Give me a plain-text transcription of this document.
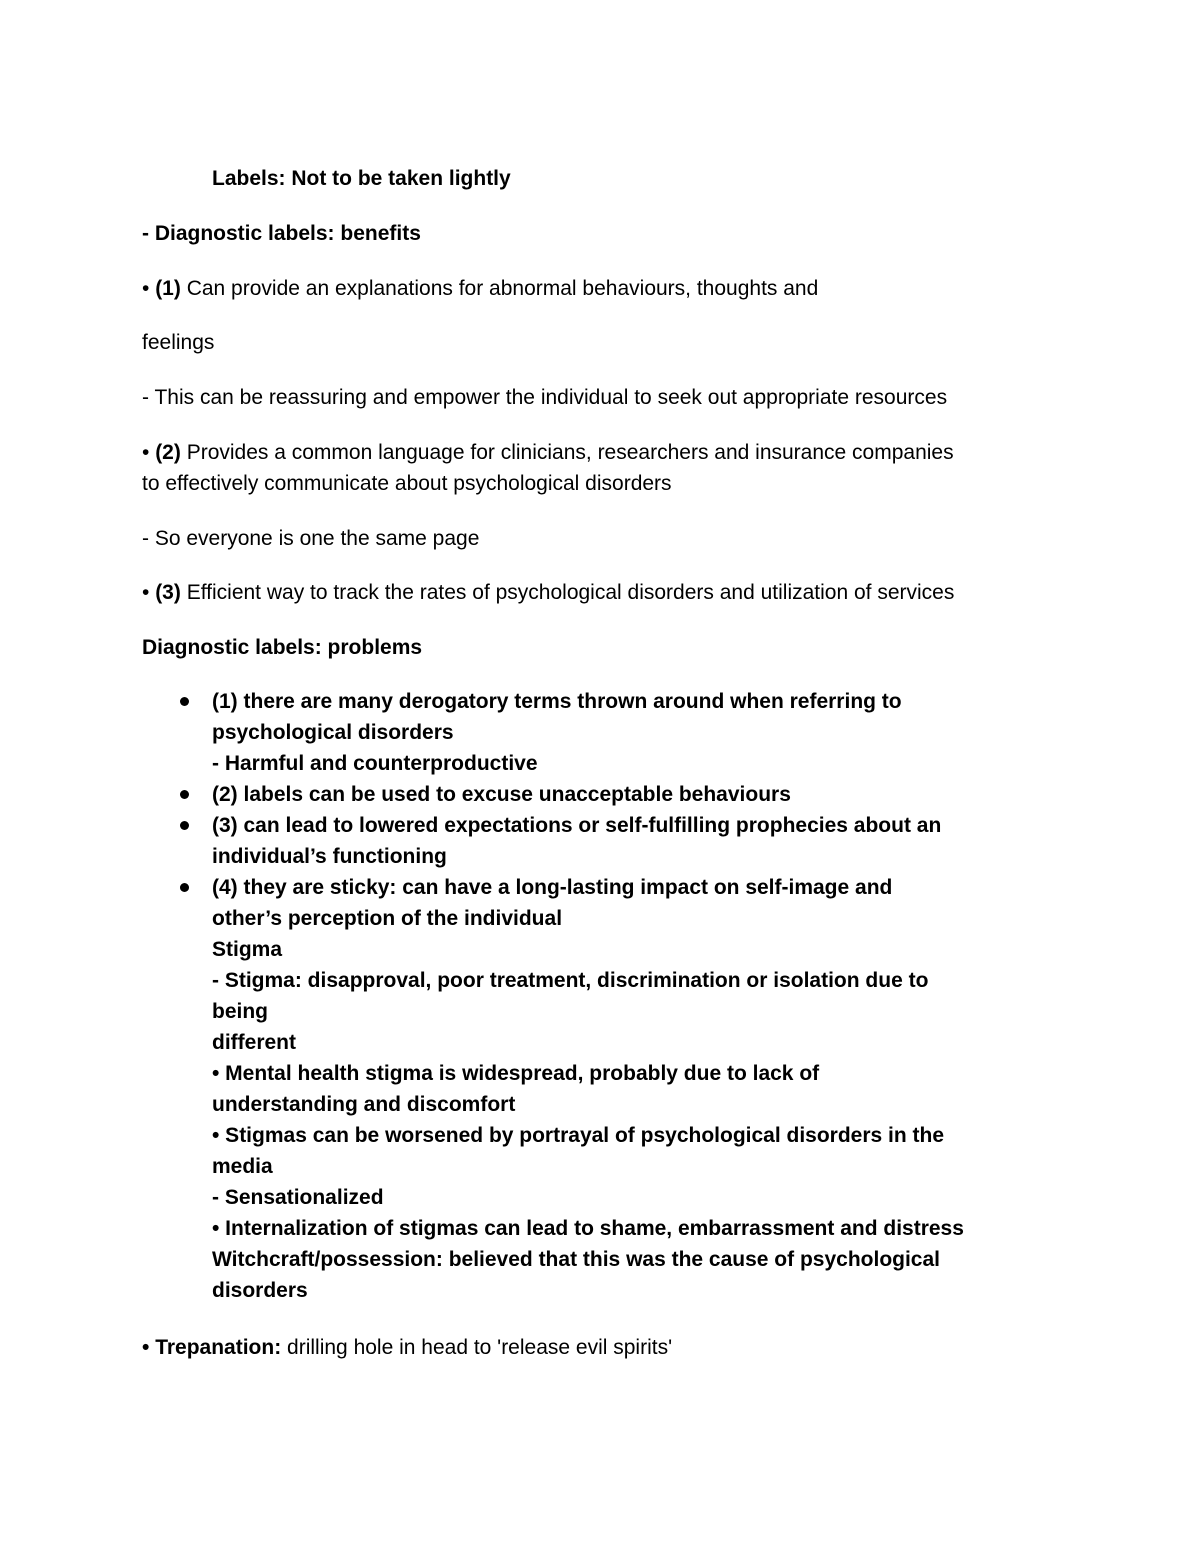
Labels: Not to be taken lightly

- Diagnostic labels: benefits

• (1) Can provide an explanations for abnormal behaviours, thoughts and

feelings

- This can be reassuring and empower the individual to seek out appropriate resources

• (2) Provides a common language for clinicians, researchers and insurance companies

to effectively communicate about psychological disorders

- So everyone is one the same page

• (3) Efficient way to track the rates of psychological disorders and utilization of services

Diagnostic labels: problems

(1) there are many derogatory terms thrown around when referring to
psychological disorders
- Harmful and counterproductive
(2) labels can be used to excuse unacceptable behaviours
(3) can lead to lowered expectations or self-fulfilling prophecies about an
individual’s functioning
(4) they are sticky: can have a long-lasting impact on self-image and
other’s perception of the individual
Stigma
- Stigma: disapproval, poor treatment, discrimination or isolation due to
being
different
• Mental health stigma is widespread, probably due to lack of
understanding and discomfort
• Stigmas can be worsened by portrayal of psychological disorders in the
media
- Sensationalized
• Internalization of stigmas can lead to shame, embarrassment and distress
Witchcraft/possession: believed that this was the cause of psychological
disorders

• Trepanation: drilling hole in head to 'release evil spirits'
